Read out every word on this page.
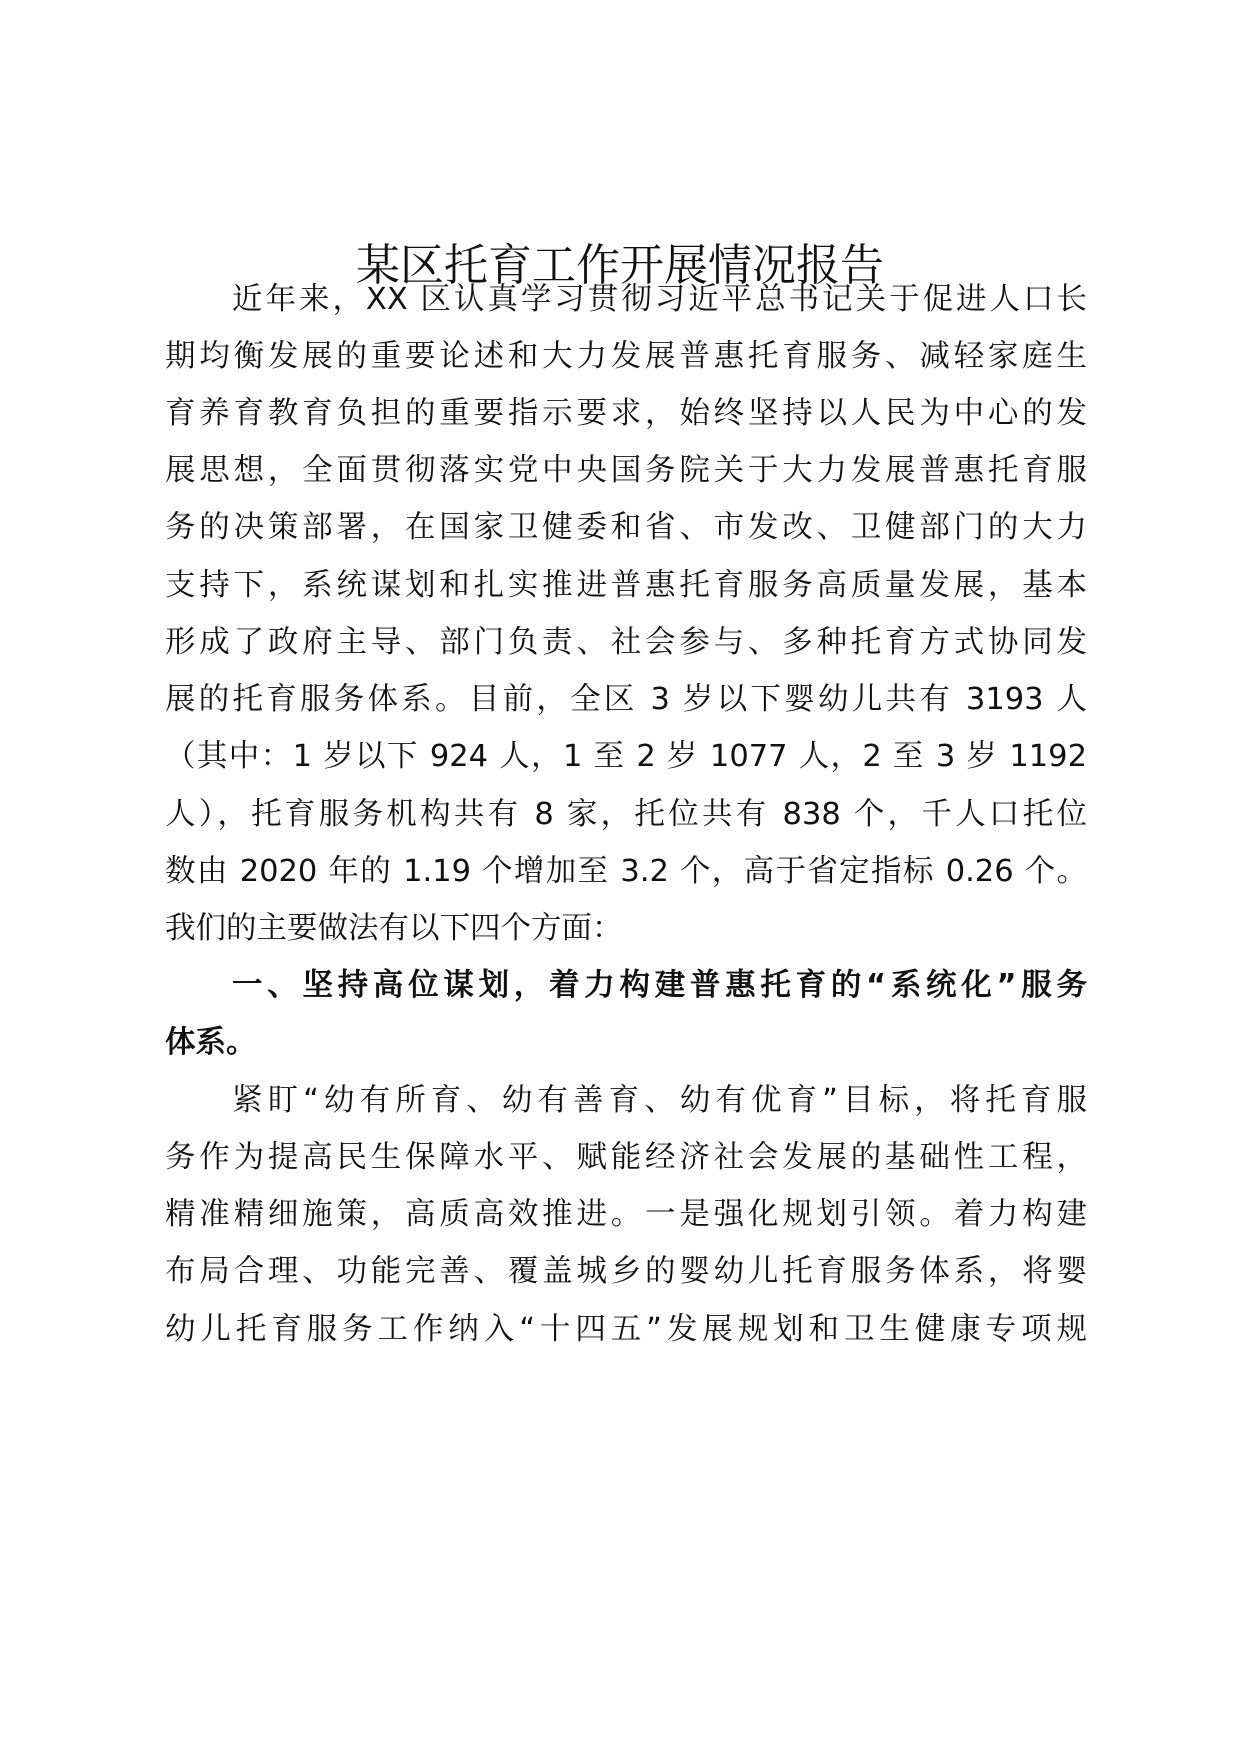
某区托育工作开展情况报告
近年来，XX 区认真学习贯彻习近平总书记关于促进人口长
期均衡发展的重要论述和大力发展普惠托育服务、减轻家庭生
育养育教育负担的重要指示要求，始终坚持以人民为中心的发
展思想，全面贯彻落实党中央国务院关于大力发展普惠托育服
务的决策部署，在国家卫健委和省、市发改、卫健部门的大力
支持下，系统谋划和扎实推进普惠托育服务高质量发展，基本
形成了政府主导、部门负责、社会参与、多种托育方式协同发
展的托育服务体系。目前，全区 3 岁以下婴幼儿共有 3193 人
（其中：1 岁以下 924 人，1 至 2 岁 1077 人，2 至 3 岁 1192
人），托育服务机构共有 8 家，托位共有 838 个，千人口托位
数由 2020 年的 1.19 个增加至 3.2 个，高于省定指标 0.26 个。
我们的主要做法有以下四个方面：
一、坚持高位谋划，着力构建普惠托育的“系统化”服务
体系。
紧盯“幼有所育、幼有善育、幼有优育”目标，将托育服
务作为提高民生保障水平、赋能经济社会发展的基础性工程，
精准精细施策，高质高效推进。一是强化规划引领。着力构建
布局合理、功能完善、覆盖城乡的婴幼儿托育服务体系，将婴
幼儿托育服务工作纳入“十四五”发展规划和卫生健康专项规
